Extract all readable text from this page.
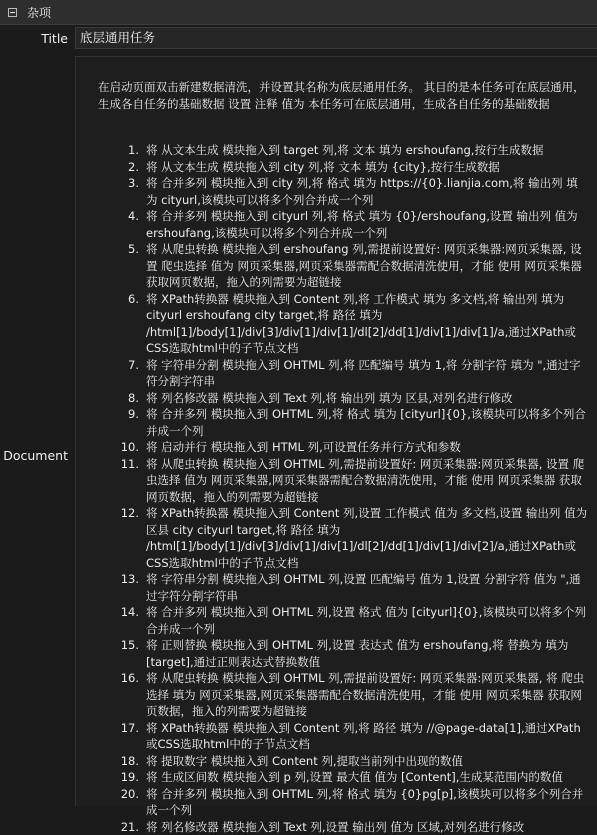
杂项
Title 底层通用任务
Document
在启动页面双击新建数据清洗，并设置其名称为底层通用任务。 其目的是本任务可在底层通用，生成各自任务的基础数据 设置 注释 值为 本任务可在底层通用，生成各自任务的基础数据
1. 将 从文本生成 模块拖入到 target 列,将 文本 填为 ershoufang,按行生成数据
2. 将 从文本生成 模块拖入到 city 列,将 文本 填为 {city},按行生成数据
3. 将 合并多列 模块拖入到 city 列,将 格式 填为 https://{0}.lianjia.com,将 输出列 填为 cityurl,该模块可以将多个列合并成一个列
4. 将 合并多列 模块拖入到 cityurl 列,将 格式 填为 {0}/ershoufang,设置 输出列 值为 ershoufang,该模块可以将多个列合并成一个列
5. 将 从爬虫转换 模块拖入到 ershoufang 列,需提前设置好: 网页采集器:网页采集器, 设置 爬虫选择 值为 网页采集器,网页采集器需配合数据清洗使用，才能 使用 网页采集器 获取网页数据，拖入的列需要为超链接
6. 将 XPath转换器 模块拖入到 Content 列,将 工作模式 填为 多文档,将 输出列 填为 cityurl ershoufang city target,将 路径 填为 /html[1]/body[1]/div[3]/div[1]/div[1]/dl[2]/dd[1]/div[1]/div[1]/a,通过XPath或CSS选取html中的子节点文档
7. 将 字符串分割 模块拖入到 OHTML 列,将 匹配编号 填为 1,将 分割字符 填为 ",通过字符分割字符串
8. 将 列名修改器 模块拖入到 Text 列,将 输出列 填为 区县,对列名进行修改
9. 将 合并多列 模块拖入到 OHTML 列,将 格式 填为 [cityurl]{0},该模块可以将多个列合并成一个列
10. 将 启动并行 模块拖入到 HTML 列,可设置任务并行方式和参数
11. 将 从爬虫转换 模块拖入到 OHTML 列,需提前设置好: 网页采集器:网页采集器, 设置 爬虫选择 值为 网页采集器,网页采集器需配合数据清洗使用，才能 使用 网页采集器 获取网页数据，拖入的列需要为超链接
12. 将 XPath转换器 模块拖入到 Content 列,设置 工作模式 值为 多文档,设置 输出列 值为 区县 city cityurl target,将 路径 填为 /html[1]/body[1]/div[3]/div[1]/div[1]/dl[2]/dd[1]/div[1]/div[2]/a,通过XPath或CSS选取html中的子节点文档
13. 将 字符串分割 模块拖入到 OHTML 列,设置 匹配编号 值为 1,设置 分割字符 值为 ",通过字符分割字符串
14. 将 合并多列 模块拖入到 OHTML 列,设置 格式 值为 [cityurl]{0},该模块可以将多个列合并成一个列
15. 将 正则替换 模块拖入到 OHTML 列,设置 表达式 值为 ershoufang,将 替换为 填为 [target],通过正则表达式替换数值
16. 将 从爬虫转换 模块拖入到 OHTML 列,需提前设置好: 网页采集器:网页采集器, 将 爬虫选择 填为 网页采集器,网页采集器需配合数据清洗使用，才能 使用 网页采集器 获取网页数据，拖入的列需要为超链接
17. 将 XPath转换器 模块拖入到 Content 列,将 路径 填为 //@page-data[1],通过XPath或CSS选取html中的子节点文档
18. 将 提取数字 模块拖入到 Content 列,提取当前列中出现的数值
19. 将 生成区间数 模块拖入到 p 列,设置 最大值 值为 [Content],生成某范围内的数值
20. 将 合并多列 模块拖入到 OHTML 列,将 格式 填为 {0}pg[p],该模块可以将多个列合并成一个列
21. 将 列名修改器 模块拖入到 Text 列,设置 输出列 值为 区域,对列名进行修改
